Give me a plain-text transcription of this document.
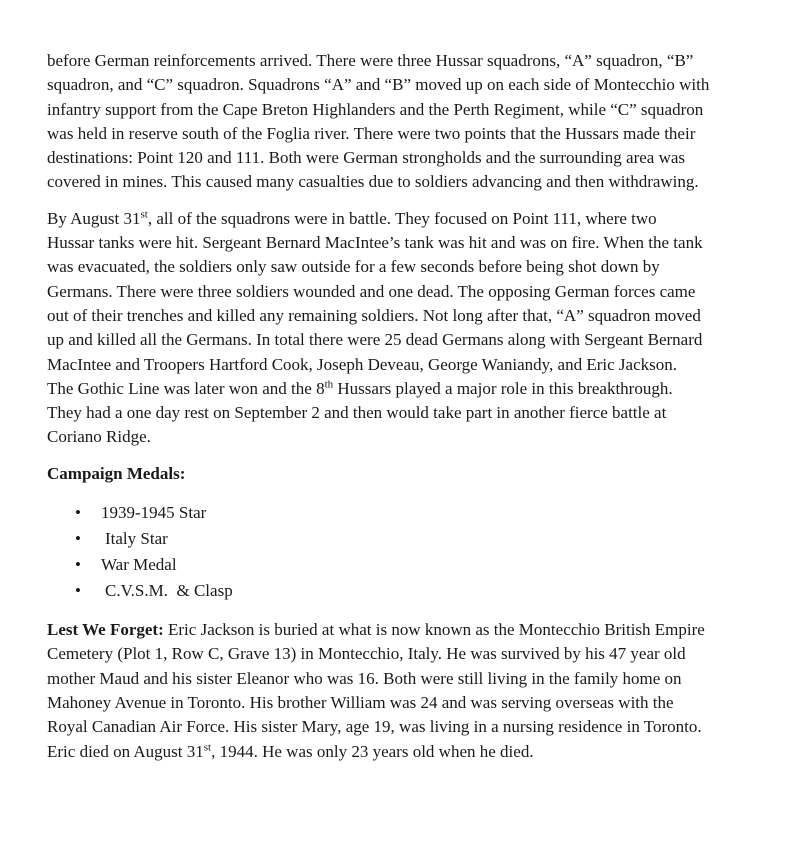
before German reinforcements arrived. There were three Hussar squadrons, “A” squadron, “B”
squadron, and “C” squadron. Squadrons “A” and “B” moved up on each side of Montecchio with
infantry support from the Cape Breton Highlanders and the Perth Regiment, while “C” squadron
was held in reserve south of the Foglia river. There were two points that the Hussars made their
destinations: Point 120 and 111. Both were German strongholds and the surrounding area was
covered in mines. This caused many casualties due to soldiers advancing and then withdrawing.

By August 31st, all of the squadrons were in battle. They focused on Point 111, where two
Hussar tanks were hit. Sergeant Bernard MacIntee’s tank was hit and was on fire. When the tank
was evacuated, the soldiers only saw outside for a few seconds before being shot down by
Germans. There were three soldiers wounded and one dead. The opposing German forces came
out of their trenches and killed any remaining soldiers. Not long after that, “A” squadron moved
up and killed all the Germans. In total there were 25 dead Germans along with Sergeant Bernard
MacIntee and Troopers Hartford Cook, Joseph Deveau, George Waniandy, and Eric Jackson.
The Gothic Line was later won and the 8th Hussars played a major role in this breakthrough.
They had a one day rest on September 2 and then would take part in another fierce battle at
Coriano Ridge.

Campaign Medals:

• 1939-1945 Star
• Italy Star
• War Medal
• C.V.S.M.  & Clasp

Lest We Forget: Eric Jackson is buried at what is now known as the Montecchio British Empire
Cemetery (Plot 1, Row C, Grave 13) in Montecchio, Italy. He was survived by his 47 year old
mother Maud and his sister Eleanor who was 16. Both were still living in the family home on
Mahoney Avenue in Toronto. His brother William was 24 and was serving overseas with the
Royal Canadian Air Force. His sister Mary, age 19, was living in a nursing residence in Toronto.
Eric died on August 31st, 1944. He was only 23 years old when he died.
